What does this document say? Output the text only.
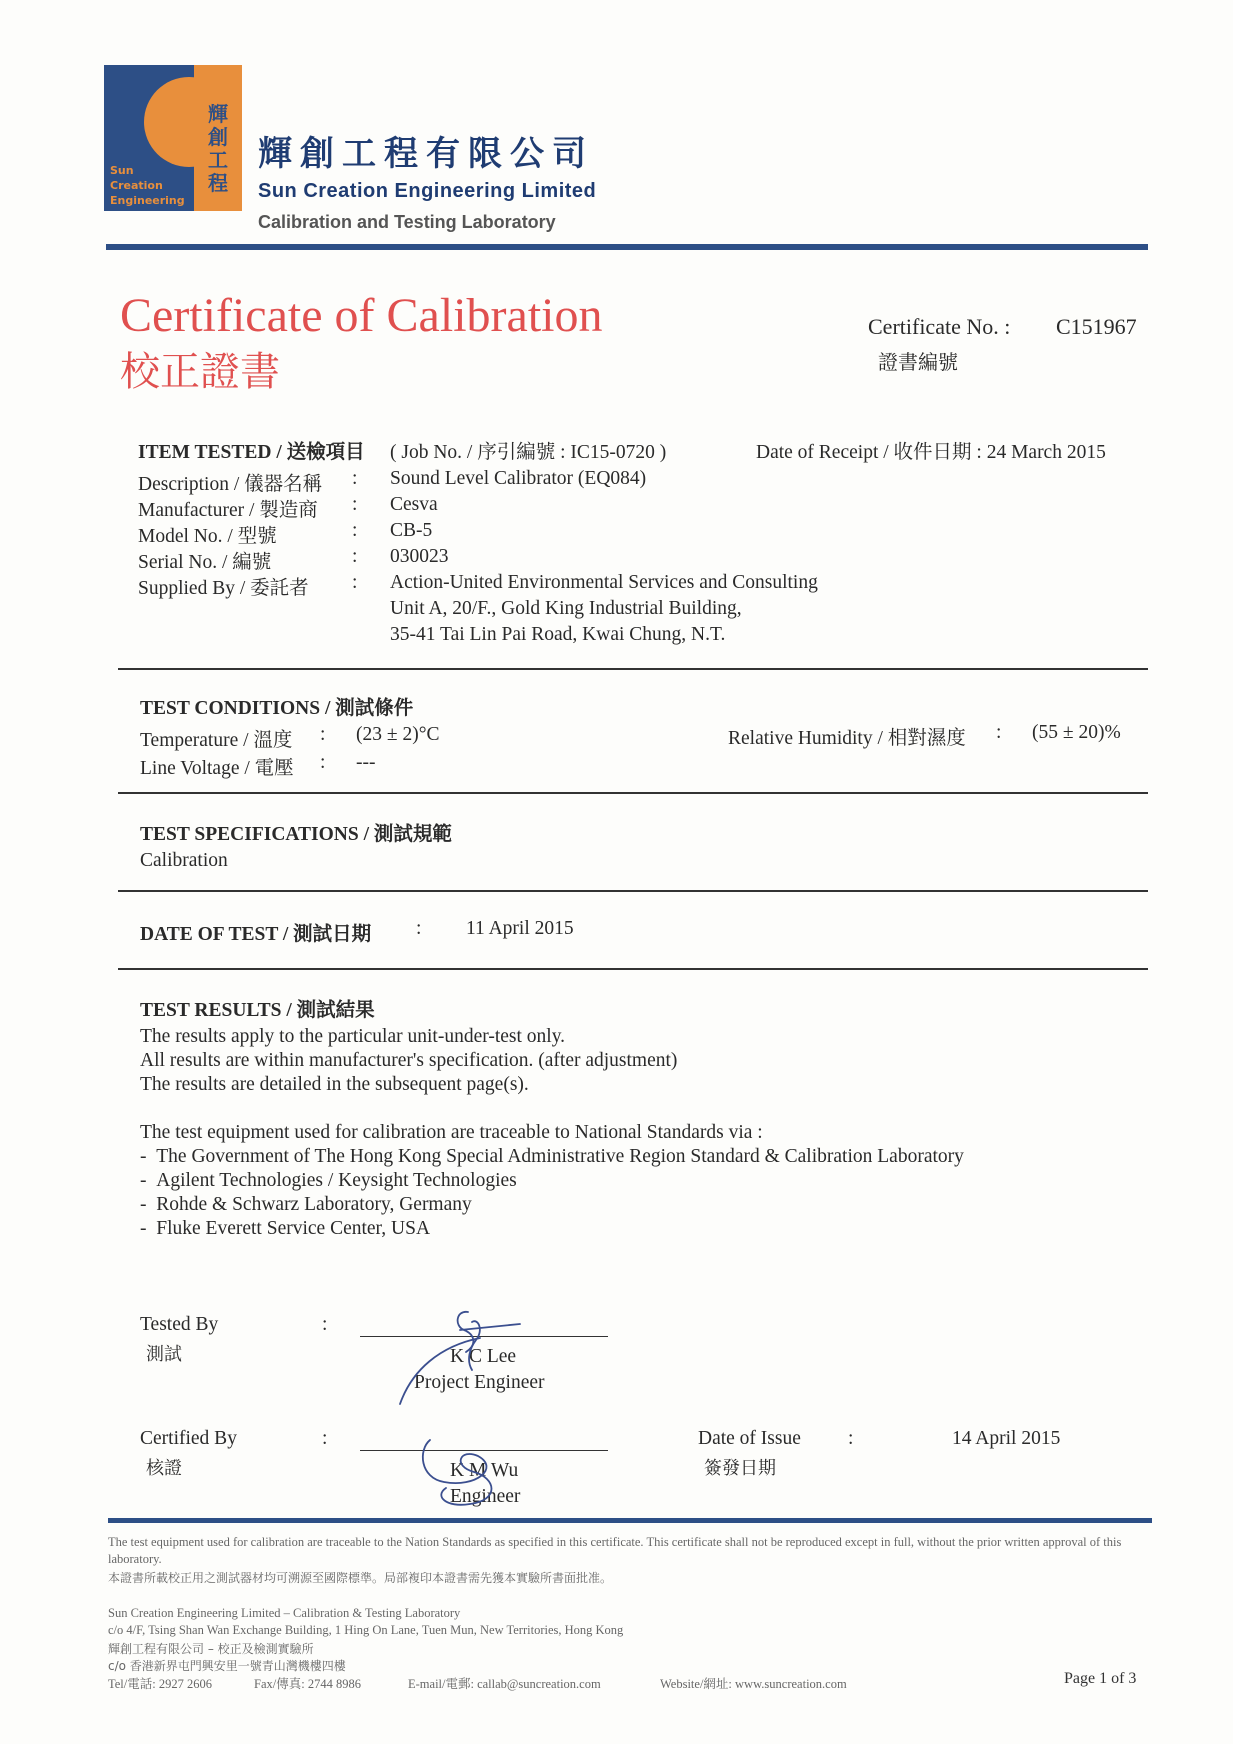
輝
創
工
程
Sun
Creation
Engineering
輝創工程有限公司
Sun Creation Engineering Limited
Calibration and Testing Laboratory
Certificate of Calibration
校正證書
Certificate No. : C151967
證書編號
ITEM TESTED / 送檢項目 ( Job No. / 序引編號 : IC15-0720 )	Date of Receipt / 收件日期 : 24 March 2015
Description / 儀器名稱 : Sound Level Calibrator (EQ084)
Manufacturer / 製造商 : Cesva
Model No. / 型號	: CB-5
Serial No. / 編號	: 030023
Supplied By / 委託者 : Action-United Environmental Services and Consulting
Unit A, 20/F., Gold King Industrial Building,
35-41 Tai Lin Pai Road, Kwai Chung, N.T.
TEST CONDITIONS / 測試條件
Temperature / 溫度 : (23 ± 2)°C
Line Voltage / 電壓 : ---
Relative Humidity / 相對濕度 : (55 ± 20)%
TEST SPECIFICATIONS / 測試規範
Calibration
DATE OF TEST / 測試日期 : 11 April 2015
TEST RESULTS / 測試結果
The results apply to the particular unit-under-test only.
All results are within manufacturer's specification. (after adjustment)
The results are detailed in the subsequent page(s).
The test equipment used for calibration are traceable to National Standards via :
-  The Government of The Hong Kong Special Administrative Region Standard & Calibration Laboratory
-  Agilent Technologies / Keysight Technologies
-  Rohde & Schwarz Laboratory, Germany
-  Fluke Everett Service Center, USA
Tested By
測試
:
K C Lee
Project Engineer
Certified By
核證
:
K M Wu
Engineer
Date of Issue
簽發日期
:	14 April 2015
The test equipment used for calibration are traceable to the Nation Standards as specified in this certificate. This certificate shall not be reproduced except in full, without the prior written approval of this laboratory.
本證書所載校正用之測試器材均可溯源至國際標準。局部複印本證書需先獲本實驗所書面批准。
Sun Creation Engineering Limited – Calibration & Testing Laboratory
c/o 4/F, Tsing Shan Wan Exchange Building, 1 Hing On Lane, Tuen Mun, New Territories, Hong Kong
輝創工程有限公司 – 校正及檢測實驗所
c/o 香港新界屯門興安里一號青山灣機樓四樓
Tel/電話: 2927 2606	Fax/傳真: 2744 8986	E-mail/電郵: callab@suncreation.com	Website/網址: www.suncreation.com	Page 1 of 3
